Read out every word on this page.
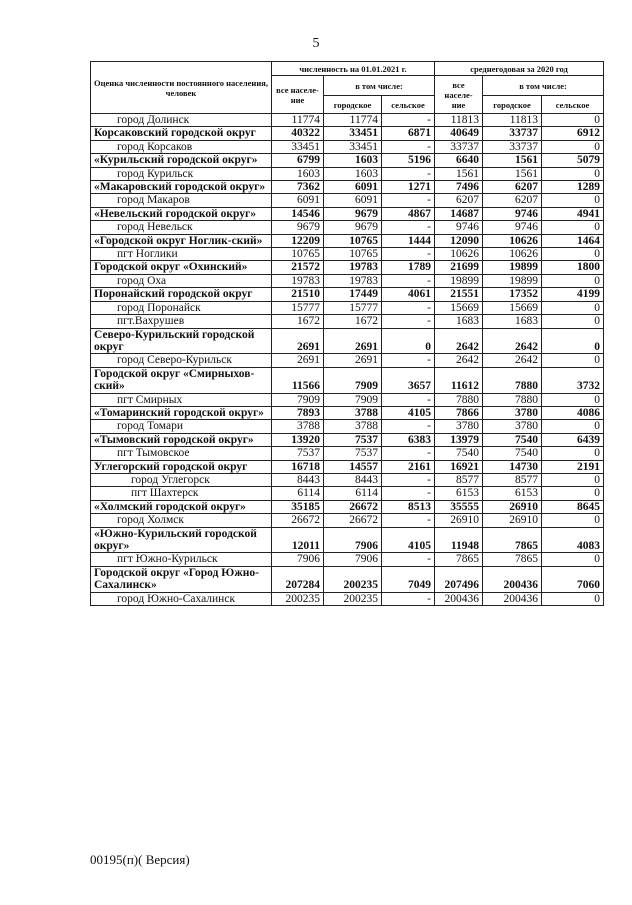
5
Оценка численности постоянного населения, человек	численность на 01.01.2021 г.			среднегодовая за 2020 год		
	все населе-ние	в том числе:		все населе-ние	в том числе:	
		городское	сельское		городское	сельское
город Долинск	11774	11774	-	11813	11813	0
Корсаковский городской округ	40322	33451	6871	40649	33737	6912
город Корсаков	33451	33451	-	33737	33737	0
«Курильский городской округ»	6799	1603	5196	6640	1561	5079
город Курильск	1603	1603	-	1561	1561	0
«Макаровский городской округ»	7362	6091	1271	7496	6207	1289
город Макаров	6091	6091	-	6207	6207	0
«Невельский городской округ»	14546	9679	4867	14687	9746	4941
город Невельск	9679	9679	-	9746	9746	0
«Городской округ Ноглик-ский»	12209	10765	1444	12090	10626	1464
пгт Ноглики	10765	10765	-	10626	10626	0
Городской округ «Охинский»	21572	19783	1789	21699	19899	1800
город Оха	19783	19783	-	19899	19899	0
Поронайский городской округ	21510	17449	4061	21551	17352	4199
город Поронайск	15777	15777	-	15669	15669	0
пгт.Вахрушев	1672	1672	-	1683	1683	0
Северо-Курильский городской округ	2691	2691	0	2642	2642	0
город Северо-Курильск	2691	2691	-	2642	2642	0
Городской округ «Смирныхов-ский»	11566	7909	3657	11612	7880	3732
пгт Смирных	7909	7909	-	7880	7880	0
«Томаринский городской округ»	7893	3788	4105	7866	3780	4086
город Томари	3788	3788	-	3780	3780	0
«Тымовский городской округ»	13920	7537	6383	13979	7540	6439
пгт Тымовское	7537	7537	-	7540	7540	0
Углегорский городской округ	16718	14557	2161	16921	14730	2191
город Углегорск	8443	8443	-	8577	8577	0
пгт Шахтерск	6114	6114	-	6153	6153	0
«Холмский городской округ»	35185	26672	8513	35555	26910	8645
город Холмск	26672	26672	-	26910	26910	0
«Южно-Курильский городской округ»	12011	7906	4105	11948	7865	4083
пгт Южно-Курильск	7906	7906	-	7865	7865	0
Городской округ «Город Южно-Сахалинск»	207284	200235	7049	207496	200436	7060
город Южно-Сахалинск	200235	200235	-	200436	200436	0
00195(п)( Версия)
